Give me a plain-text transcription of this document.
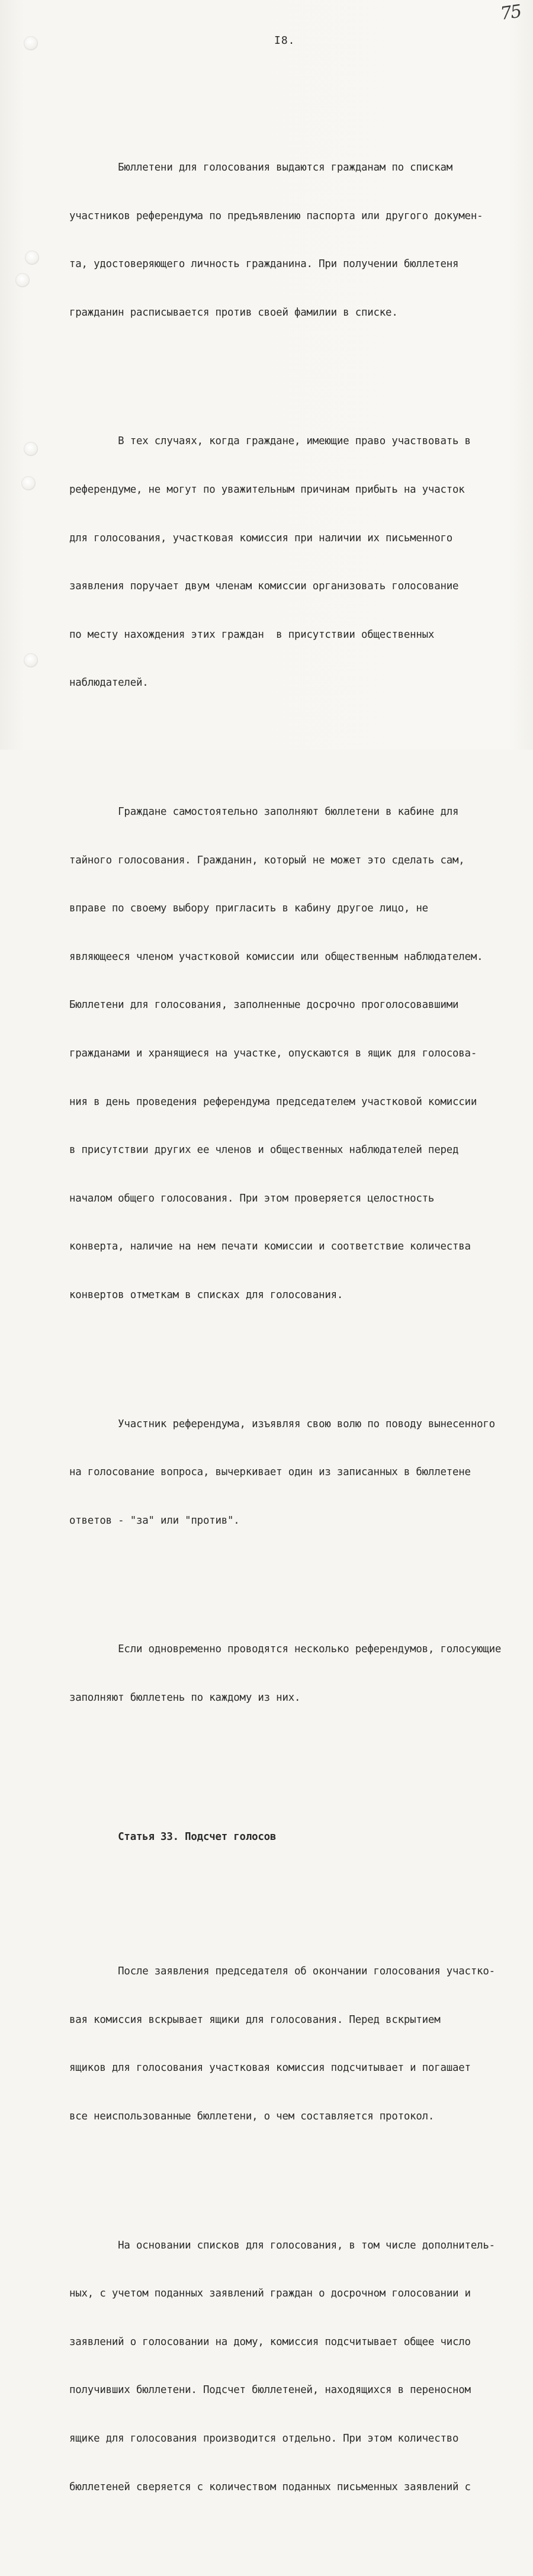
75
I8.

Бюллетени для голосования выдаются гражданам по спискам

участников референдума по предъявлению паспорта или другого докумен-

та, удостоверяющего личность гражданина. При получении бюллетеня

гражданин расписывается против своей фамилии в списке.

В тех случаях, когда граждане, имеющие право участвовать в

референдуме, не могут по уважительным причинам прибыть на участок

для голосования, участковая комиссия при наличии их письменного

заявления поручает двум членам комиссии организовать голосование

по месту нахождения этих граждан  в присутствии общественных

наблюдателей.

Граждане самостоятельно заполняют бюллетени в кабине для

тайного голосования. Гражданин, который не может это сделать сам,

вправе по своему выбору пригласить в кабину другое лицо, не

являющееся членом участковой комиссии или общественным наблюдателем.

Бюллетени для голосования, заполненные досрочно проголосовавшими

гражданами и хранящиеся на участке, опускаются в ящик для голосова-

ния в день проведения референдума председателем участковой комиссии

в присутствии других ее членов и общественных наблюдателей перед

началом общего голосования. При этом проверяется целостность

конверта, наличие на нем печати комиссии и соответствие количества

конвертов отметкам в списках для голосования.

Участник референдума, изъявляя свою волю по поводу вынесенного

на голосование вопроса, вычеркивает один из записанных в бюллетене

ответов - "за" или "против".

Если одновременно проводятся несколько референдумов, голосующие

заполняют бюллетень по каждому из них.

Статья 33. Подсчет голосов

После заявления председателя об окончании голосования участко-

вая комиссия вскрывает ящики для голосования. Перед вскрытием

ящиков для голосования участковая комиссия подсчитывает и погашает

все неиспользованные бюллетени, о чем составляется протокол.

На основании списков для голосования, в том числе дополнитель-

ных, с учетом поданных заявлений граждан о досрочном голосовании и

заявлений о голосовании на дому, комиссия подсчитывает общее число

получивших бюллетени. Подсчет бюллетеней, находящихся в переносном

ящике для голосования производится отдельно. При этом количество

бюллетеней сверяется с количеством поданных письменных заявлений с
